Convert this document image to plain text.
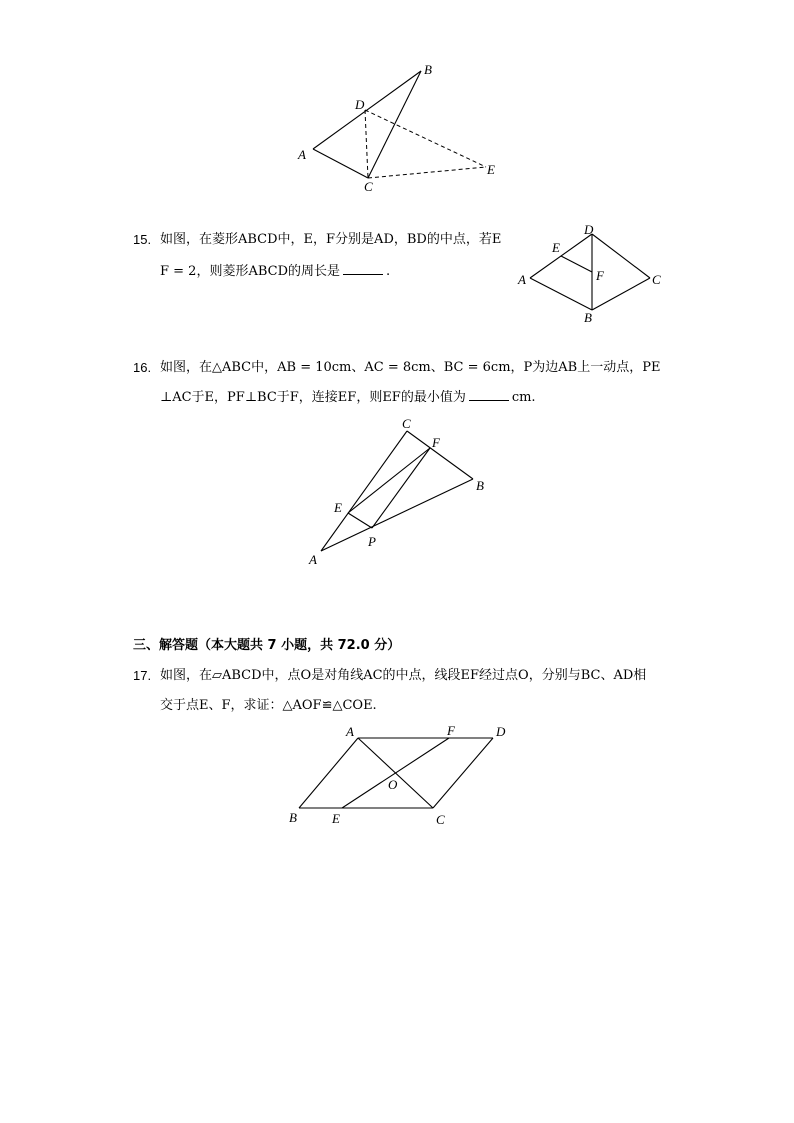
B
D
A
C
E
15. 如图，在菱形ABCD中，E，F分别是AD，BD的中点，若E
F = 2，则菱形ABCD的周长是	.
D
E
F
A	C
B
16. 如图，在△ABC中，AB = 10cm、AC = 8cm、BC = 6cm，P为边AB上一动点，PE
⊥AC于E，PF⊥BC于F，连接EF，则EF的最小值为	cm.
C
F
B
E
P
A
三、解答题（本大题共 7 小题，共 72.0 分）
17. 如图，在▱ABCD中，点O是对角线AC的中点，线段EF经过点O，分别与BC、AD相
交于点E、F，求证：△AOF≌△COE.
A	F	D
O
B	E	C
